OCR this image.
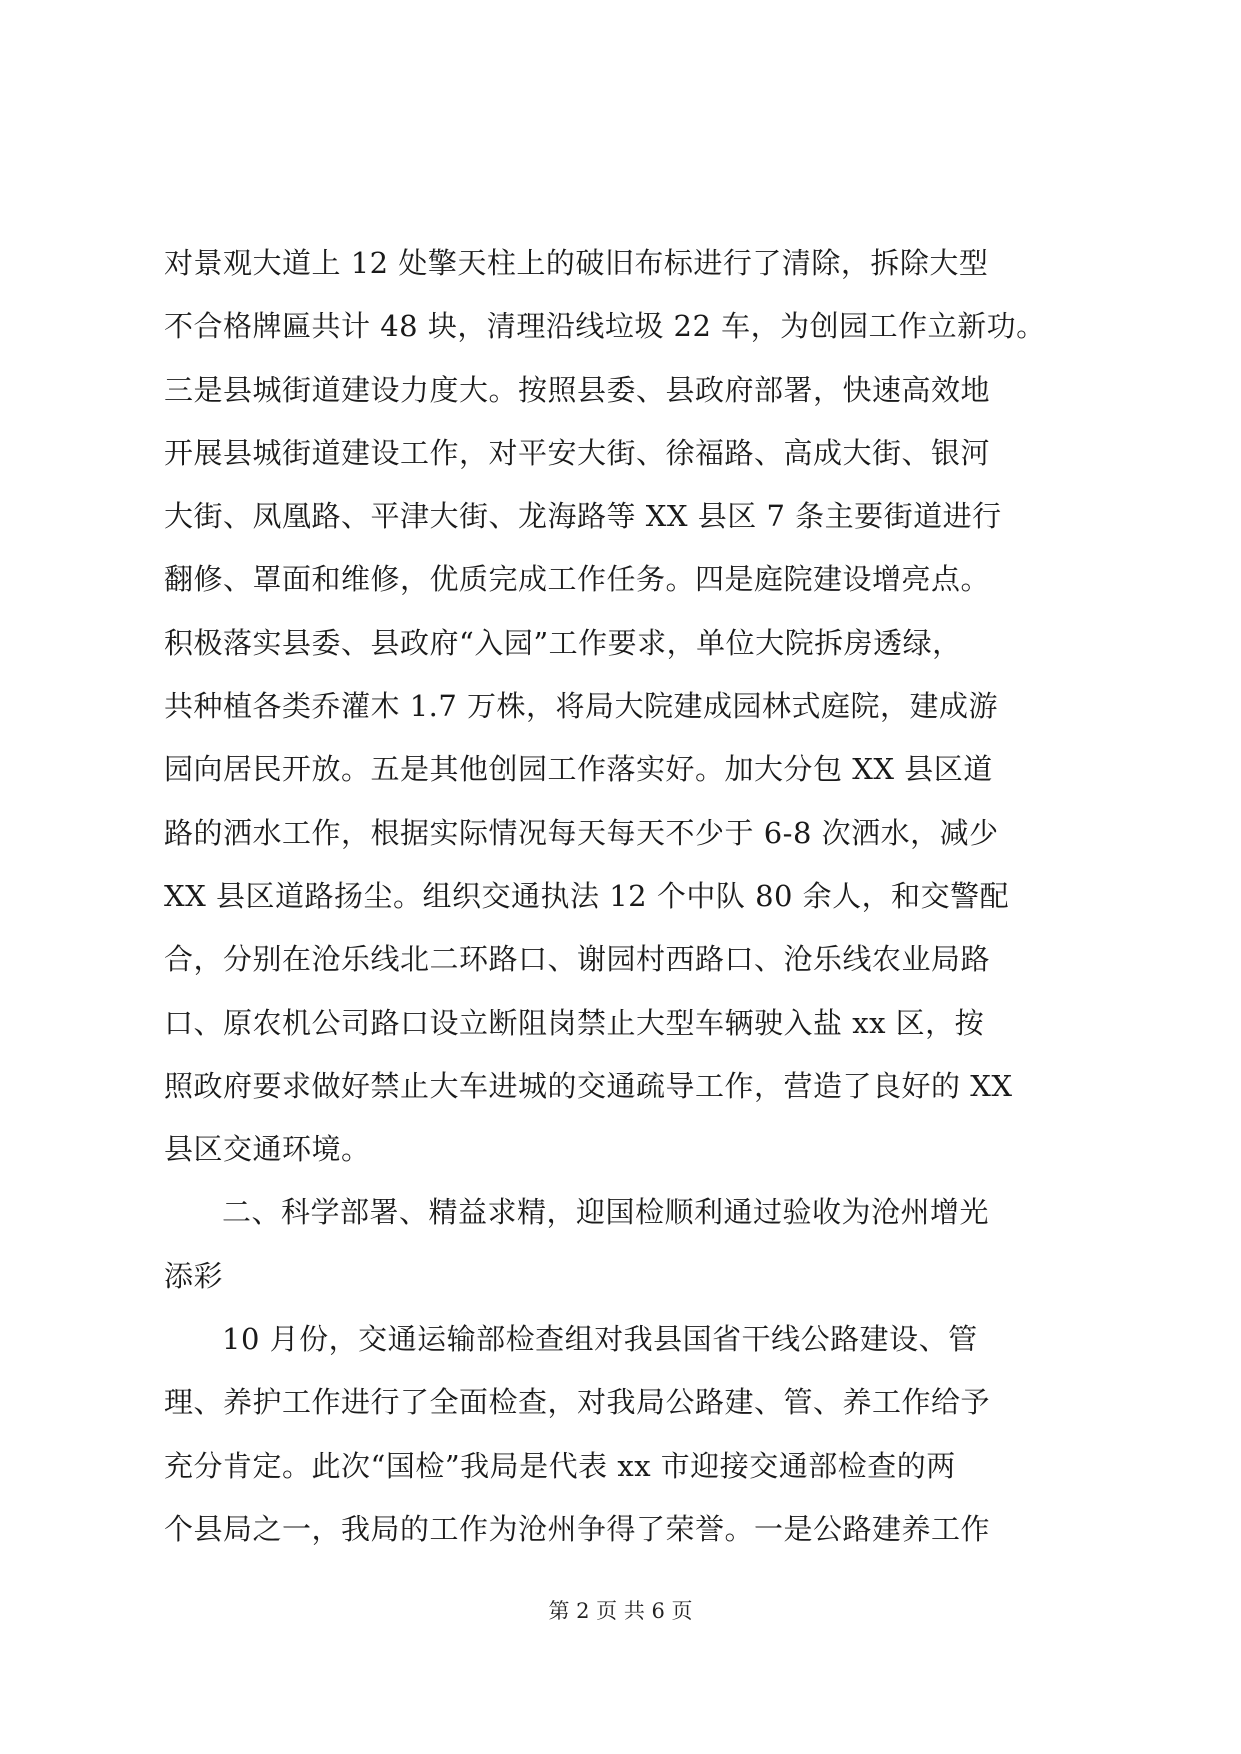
对景观大道上 12 处擎天柱上的破旧布标进行了清除，拆除大型
不合格牌匾共计 48 块，清理沿线垃圾 22 车，为创园工作立新功。
三是县城街道建设力度大。按照县委、县政府部署，快速高效地
开展县城街道建设工作，对平安大街、徐福路、高成大街、银河
大街、凤凰路、平津大街、龙海路等 XX 县区 7 条主要街道进行
翻修、罩面和维修，优质完成工作任务。四是庭院建设增亮点。
积极落实县委、县政府“入园”工作要求，单位大院拆房透绿，
共种植各类乔灌木 1.7 万株，将局大院建成园林式庭院，建成游
园向居民开放。五是其他创园工作落实好。加大分包 XX 县区道
路的洒水工作，根据实际情况每天每天不少于 6-8 次洒水，减少
XX 县区道路扬尘。组织交通执法 12 个中队 80 余人，和交警配
合，分别在沧乐线北二环路口、谢园村西路口、沧乐线农业局路
口、原农机公司路口设立断阻岗禁止大型车辆驶入盐 xx 区，按
照政府要求做好禁止大车进城的交通疏导工作，营造了良好的 XX
县区交通环境。
二、科学部署、精益求精，迎国检顺利通过验收为沧州增光
添彩
10 月份，交通运输部检查组对我县国省干线公路建设、管
理、养护工作进行了全面检查，对我局公路建、管、养工作给予
充分肯定。此次“国检”我局是代表 xx 市迎接交通部检查的两
个县局之一，我局的工作为沧州争得了荣誉。一是公路建养工作
第 2 页 共 6 页
